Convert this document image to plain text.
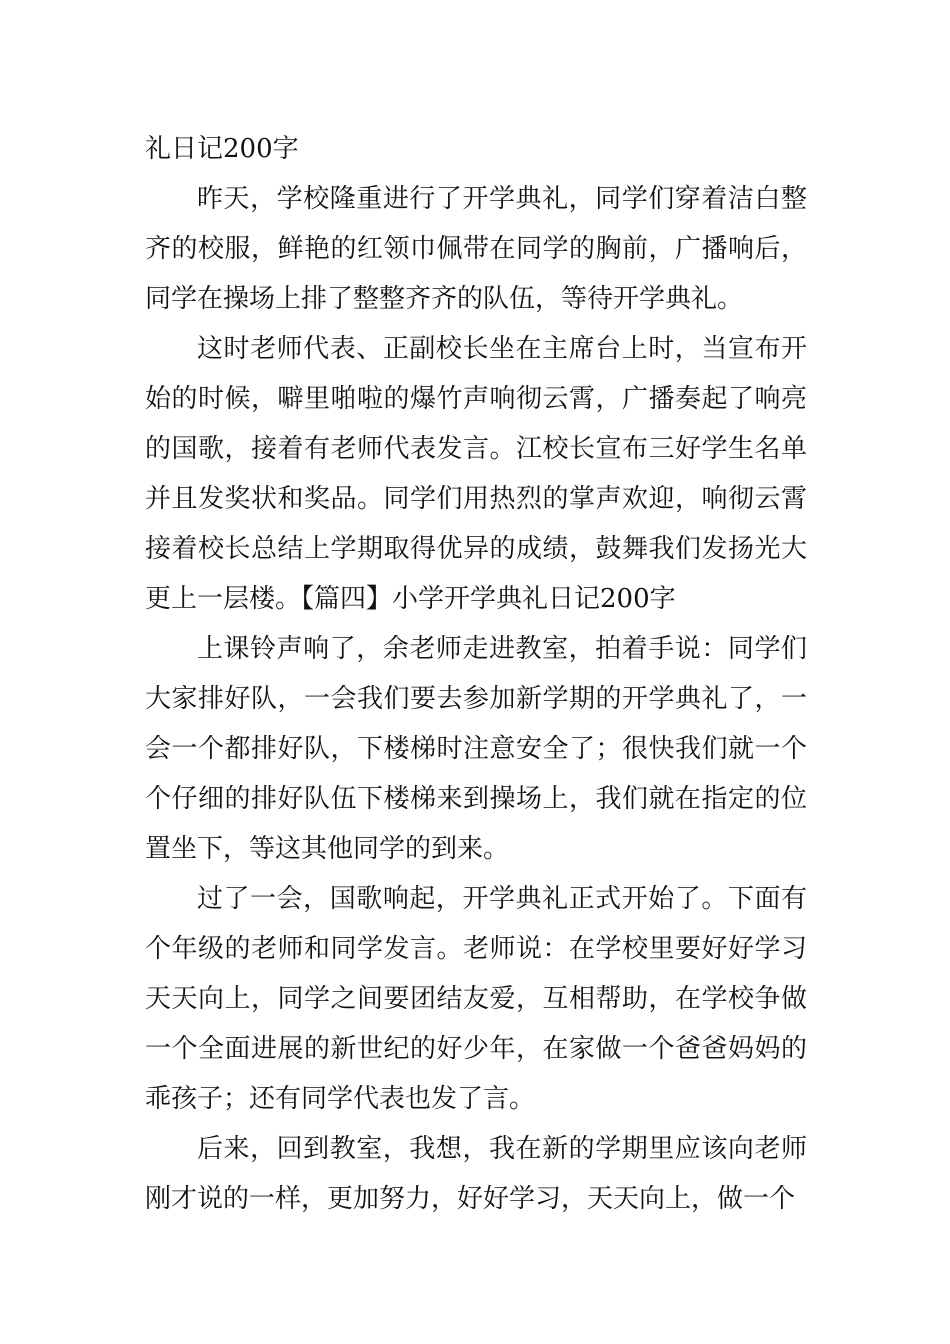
礼日记200字

昨天，学校隆重进行了开学典礼，同学们穿着洁白整齐的校服，鲜艳的红领巾佩带在同学的胸前，广播响后，同学在操场上排了整整齐齐的队伍，等待开学典礼。

这时老师代表、正副校长坐在主席台上时，当宣布开始的时候，噼里啪啦的爆竹声响彻云霄，广播奏起了响亮的国歌，接着有老师代表发言。江校长宣布三好学生名单并且发奖状和奖品。同学们用热烈的掌声欢迎，响彻云霄接着校长总结上学期取得优异的成绩，鼓舞我们发扬光大更上一层楼。【篇四】小学开学典礼日记200字

上课铃声响了，余老师走进教室，拍着手说：同学们大家排好队，一会我们要去参加新学期的开学典礼了，一会一个都排好队，下楼梯时注意安全了；很快我们就一个个仔细的排好队伍下楼梯来到操场上，我们就在指定的位置坐下，等这其他同学的到来。

过了一会，国歌响起，开学典礼正式开始了。下面有个年级的老师和同学发言。老师说：在学校里要好好学习天天向上，同学之间要团结友爱，互相帮助，在学校争做一个全面进展的新世纪的好少年，在家做一个爸爸妈妈的乖孩子；还有同学代表也发了言。

后来，回到教室，我想，我在新的学期里应该向老师刚才说的一样，更加努力，好好学习，天天向上，做一个
